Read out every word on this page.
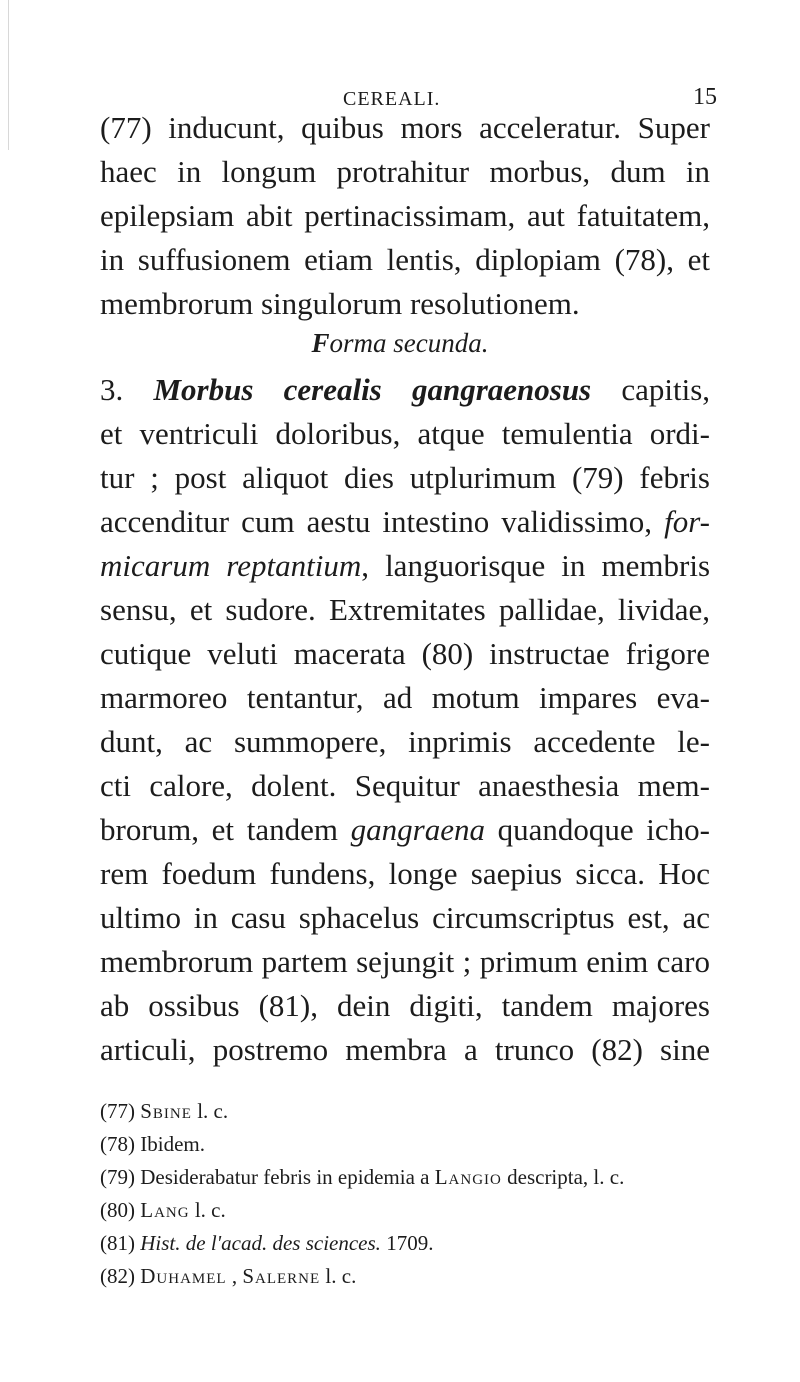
CEREALI.	15
(77) inducunt, quibus mors acceleratur. Super
haec in longum protrahitur morbus, dum in
epilepsiam abit pertinacissimam, aut fatuitatem,
in suffusionem etiam lentis, diplopiam (78), et
membrorum singulorum resolutionem.
Forma secunda.
3. Morbus cerealis gangraenosus capitis,
et ventriculi doloribus, atque temulentia ordi-
tur ; post aliquot dies utplurimum (79) febris
accenditur cum aestu intestino validissimo, for-
micarum reptantium, languorisque in membris
sensu, et sudore. Extremitates pallidae, lividae,
cutique veluti macerata (80) instructae frigore
marmoreo tentantur, ad motum impares eva-
dunt, ac summopere, inprimis accedente le-
cti calore, dolent. Sequitur anaesthesia mem-
brorum, et tandem gangraena quandoque icho-
rem foedum fundens, longe saepius sicca. Hoc
ultimo in casu sphacelus circumscriptus est, ac
membrorum partem sejungit ; primum enim caro
ab ossibus (81), dein digiti, tandem majores
articuli, postremo membra a trunco (82) sine
(77) Sbine l. c.
(78) Ibidem.
(79) Desiderabatur febris in epidemia a Langio descripta, l. c.
(80) Lang l. c.
(81) Hist. de l'acad. des sciences. 1709.
(82) Duhamel , Salerne l. c.
